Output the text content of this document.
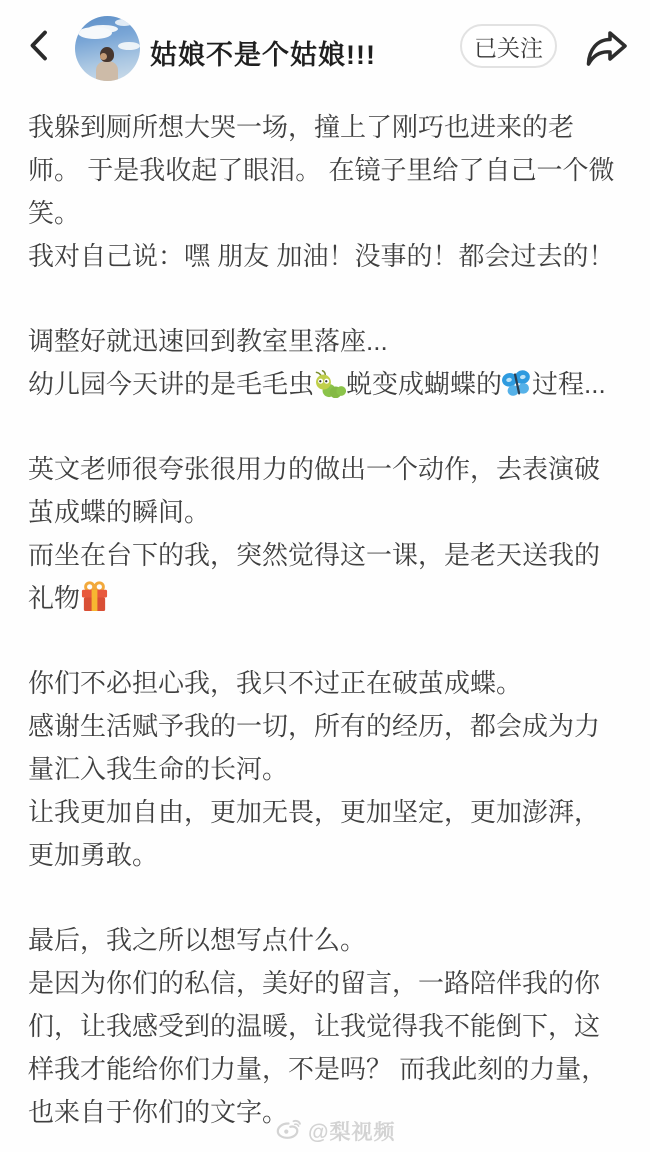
姑娘不是个姑娘!!!	已关注

我躲到厕所想大哭一场，撞上了刚巧也进来的老

师。 于是我收起了眼泪。 在镜子里给了自己一个微

笑。

我对自己说：嘿 朋友 加油！没事的！都会过去的！

调整好就迅速回到教室里落座...

幼儿园今天讲的是毛毛虫 蜕变成蝴蝶的 过程...

英文老师很夸张很用力的做出一个动作，去表演破

茧成蝶的瞬间。

而坐在台下的我，突然觉得这一课，是老天送我的

礼物

你们不必担心我，我只不过正在破茧成蝶。

感谢生活赋予我的一切，所有的经历，都会成为力

量汇入我生命的长河。

让我更加自由，更加无畏，更加坚定，更加澎湃，

更加勇敢。

最后，我之所以想写点什么。

是因为你们的私信，美好的留言，一路陪伴我的你

们，让我感受到的温暖，让我觉得我不能倒下，这

样我才能给你们力量，不是吗？ 而我此刻的力量，

也来自于你们的文字。

@梨视频
